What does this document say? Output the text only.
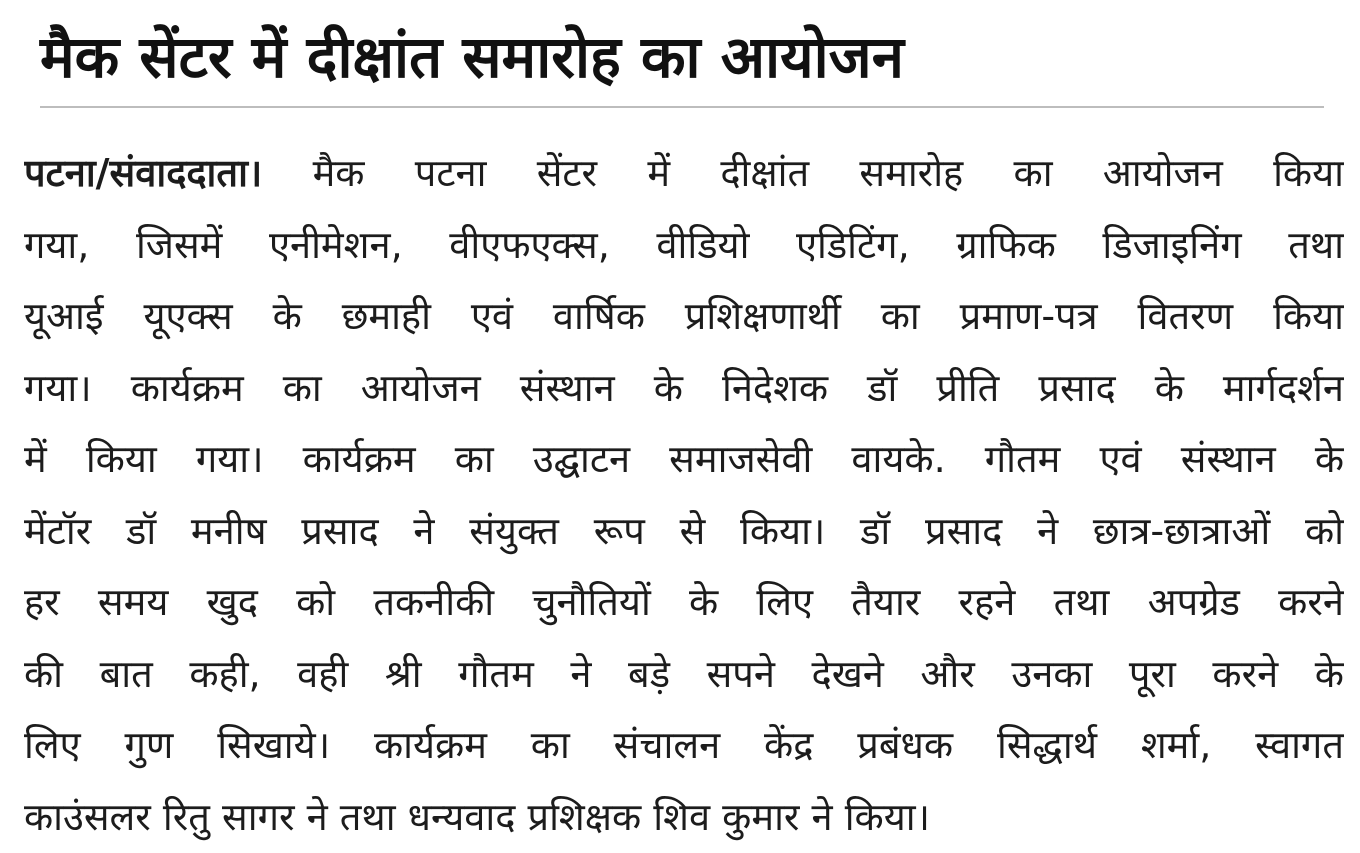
मैक सेंटर में दीक्षांत समारोह का आयोजन
पटना/संवाददाता। मैक पटना सेंटर में दीक्षांत समारोह का आयोजन किया
गया, जिसमें एनीमेशन, वीएफएक्स, वीडियो एडिटिंग, ग्राफिक डिजाइनिंग तथा
यूआई यूएक्स के छमाही एवं वार्षिक प्रशिक्षणार्थी का प्रमाण-पत्र वितरण किया
गया। कार्यक्रम का आयोजन संस्थान के निदेशक डॉ प्रीति प्रसाद के मार्गदर्शन
में किया गया। कार्यक्रम का उद्घाटन समाजसेवी वायके. गौतम एवं संस्थान के
मेंटॉर डॉ मनीष प्रसाद ने संयुक्त रूप से किया। डॉ प्रसाद ने छात्र-छात्राओं को
हर समय खुद को तकनीकी चुनौतियों के लिए तैयार रहने तथा अपग्रेड करने
की बात कही, वही श्री गौतम ने बड़े सपने देखने और उनका पूरा करने के
लिए गुण सिखाये। कार्यक्रम का संचालन केंद्र प्रबंधक सिद्धार्थ शर्मा, स्वागत
काउंसलर रितु सागर ने तथा धन्यवाद प्रशिक्षक शिव कुमार ने किया।
